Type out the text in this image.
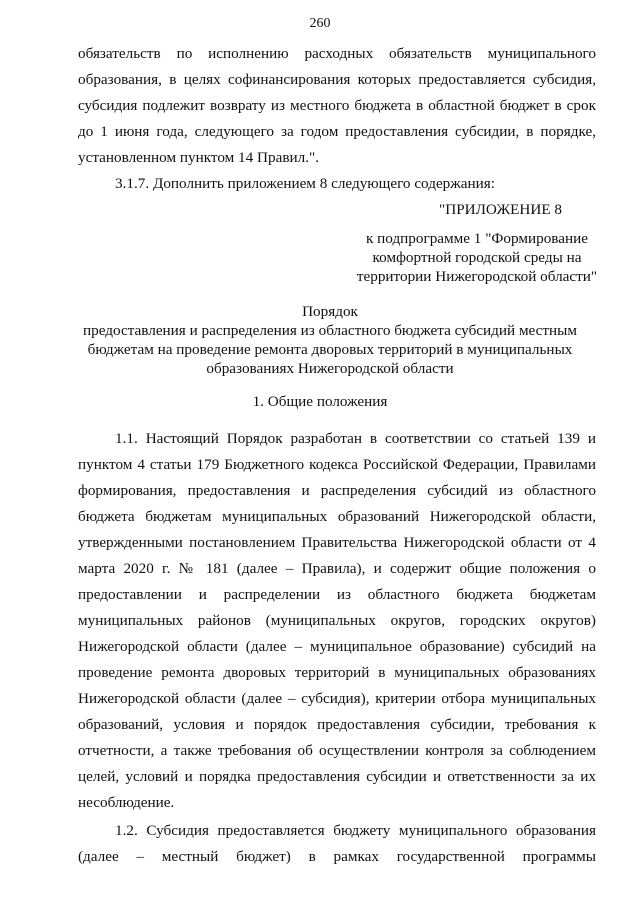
260

обязательств по исполнению расходных обязательств муниципального

образования, в целях софинансирования которых предоставляется субсидия,

субсидия подлежит возврату из местного бюджета в областной бюджет в срок

до 1 июня года, следующего за годом предоставления субсидии, в порядке,

установленном пунктом 14 Правил.".

3.1.7. Дополнить приложением 8 следующего содержания:

"ПРИЛОЖЕНИЕ 8
к подпрограмме 1 "Формирование
комфортной городской среды на
территории Нижегородской области"
Порядок
предоставления и распределения из областного бюджета субсидий местным
бюджетам на проведение ремонта дворовых территорий в муниципальных
образованиях Нижегородской области
1. Общие положения

1.1. Настоящий Порядок разработан в соответствии со статьей 139 и

пунктом 4 статьи 179 Бюджетного кодекса Российской Федерации, Правилами

формирования, предоставления и распределения субсидий из областного

бюджета бюджетам муниципальных образований Нижегородской области,

утвержденными постановлением Правительства Нижегородской области от 4

марта 2020 г. № 181 (далее – Правила), и содержит общие положения о

предоставлении и распределении из областного бюджета бюджетам

муниципальных районов (муниципальных округов, городских округов)

Нижегородской области (далее – муниципальное образование) субсидий на

проведение ремонта дворовых территорий в муниципальных образованиях

Нижегородской области (далее – субсидия), критерии отбора муниципальных

образований, условия и порядок предоставления субсидии, требования к

отчетности, а также требования об осуществлении контроля за соблюдением

целей, условий и порядка предоставления субсидии и ответственности за их

несоблюдение.

1.2. Субсидия предоставляется бюджету муниципального образования

(далее – местный бюджет) в рамках государственной программы
